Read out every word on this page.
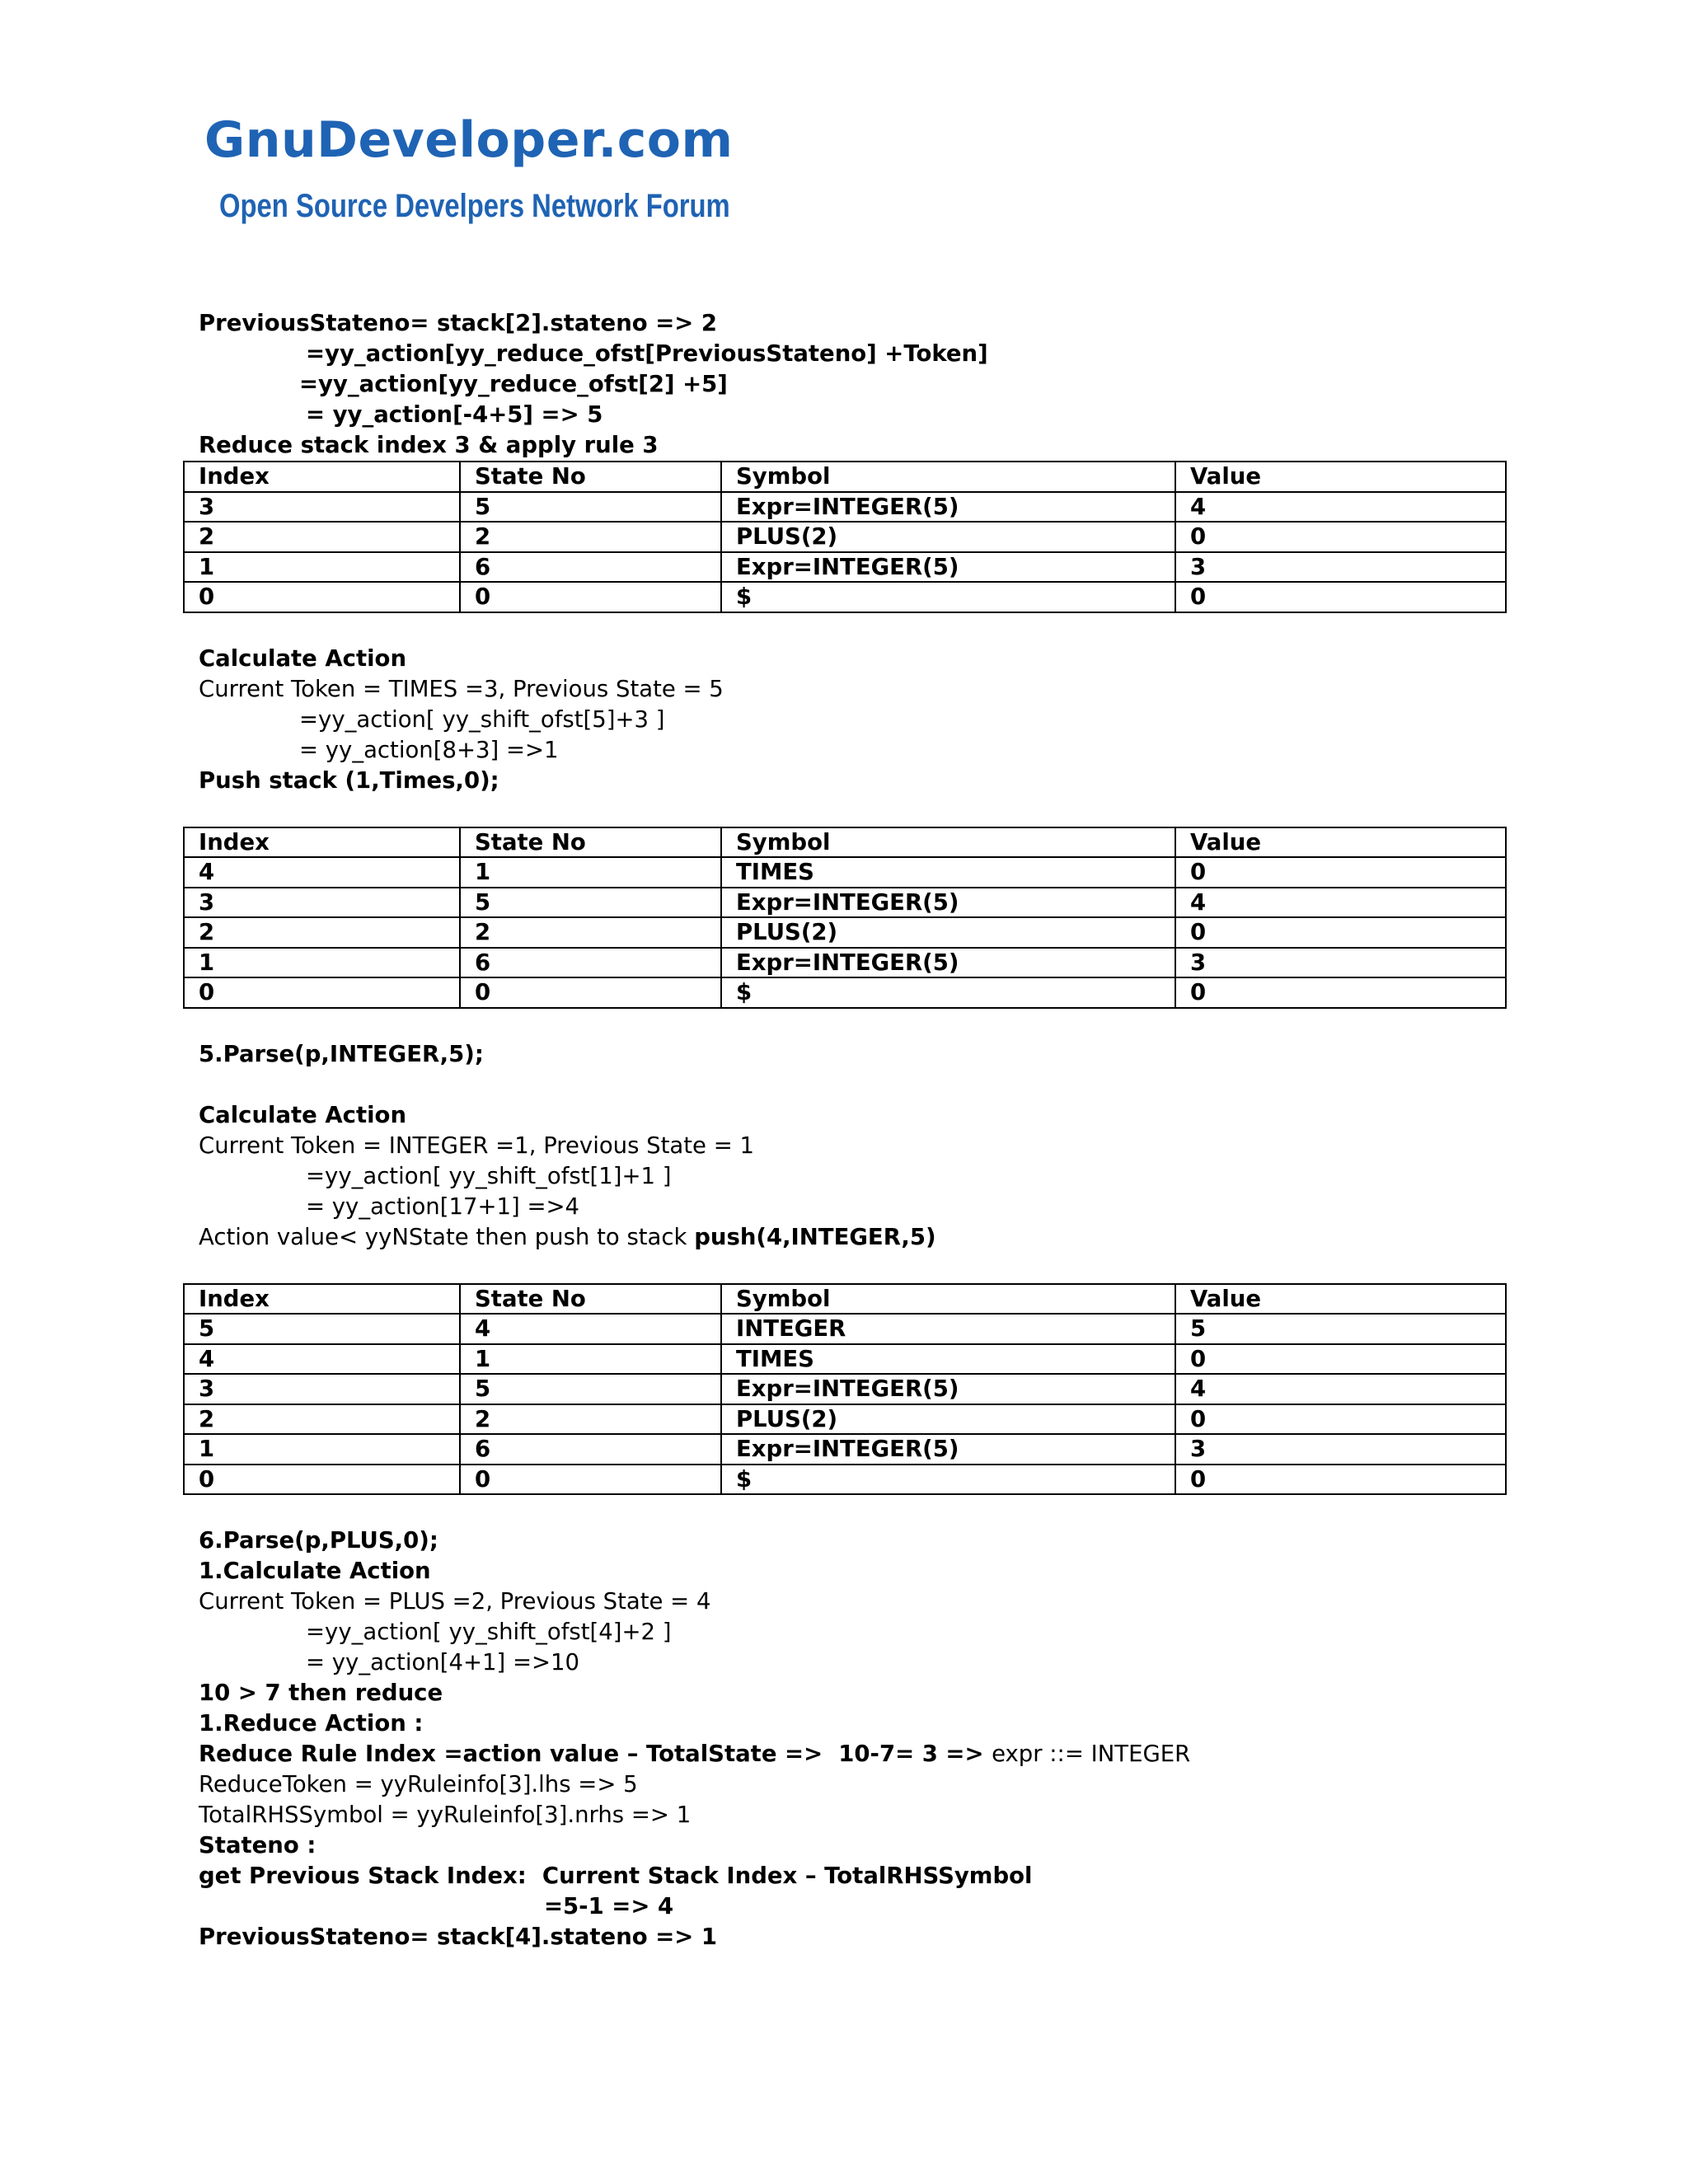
GnuDeveloper.com
Open Source Develpers Network Forum

PreviousStateno= stack[2].stateno => 2

=yy_action[yy_reduce_ofst[PreviousStateno] +Token]

=yy_action[yy_reduce_ofst[2] +5]

= yy_action[-4+5] => 5

Reduce stack index 3 & apply rule 3

Index	State No	Symbol	Value
3	5	Expr=INTEGER(5)	4
2	2	PLUS(2)	0
1	6	Expr=INTEGER(5)	3
0	0	$	0

Calculate Action

Current Token = TIMES =3, Previous State = 5

=yy_action[ yy_shift_ofst[5]+3 ]

= yy_action[8+3] =>1

Push stack (1,Times,0);

Index	State No	Symbol	Value
4	1	TIMES	0
3	5	Expr=INTEGER(5)	4
2	2	PLUS(2)	0
1	6	Expr=INTEGER(5)	3
0	0	$	0

5.Parse(p,INTEGER,5);

Calculate Action

Current Token = INTEGER =1, Previous State = 1

=yy_action[ yy_shift_ofst[1]+1 ]

= yy_action[17+1] =>4

Action value< yyNState then push to stack push(4,INTEGER,5)

Index	State No	Symbol	Value
5	4	INTEGER	5
4	1	TIMES	0
3	5	Expr=INTEGER(5)	4
2	2	PLUS(2)	0
1	6	Expr=INTEGER(5)	3
0	0	$	0

6.Parse(p,PLUS,0);

1.Calculate Action

Current Token = PLUS =2, Previous State = 4

=yy_action[ yy_shift_ofst[4]+2 ]

= yy_action[4+1] =>10

10 > 7 then reduce

1.Reduce Action :

Reduce Rule Index =action value – TotalState =>  10-7= 3 => expr ::= INTEGER

ReduceToken = yyRuleinfo[3].lhs => 5

TotalRHSSymbol = yyRuleinfo[3].nrhs => 1

Stateno :

get Previous Stack Index:  Current Stack Index – TotalRHSSymbol

=5-1 => 4

PreviousStateno= stack[4].stateno => 1
